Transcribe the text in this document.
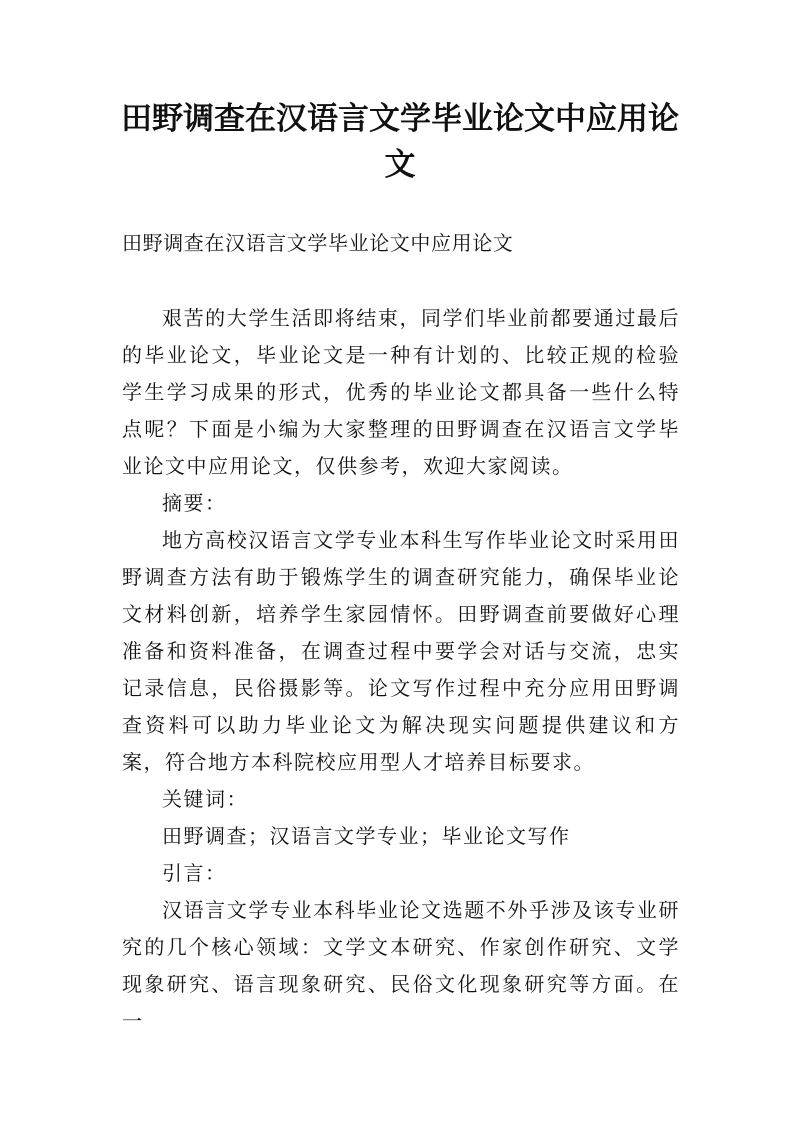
田野调查在汉语言文学毕业论文中应用论文
田野调查在汉语言文学毕业论文中应用论文

艰苦的大学生活即将结束，同学们毕业前都要通过最后的毕业论文，毕业论文是一种有计划的、比较正规的检验学生学习成果的形式，优秀的毕业论文都具备一些什么特点呢？下面是小编为大家整理的田野调查在汉语言文学毕业论文中应用论文，仅供参考，欢迎大家阅读。

摘要：

地方高校汉语言文学专业本科生写作毕业论文时采用田野调查方法有助于锻炼学生的调查研究能力，确保毕业论文材料创新，培养学生家园情怀。田野调查前要做好心理准备和资料准备，在调查过程中要学会对话与交流，忠实记录信息，民俗摄影等。论文写作过程中充分应用田野调查资料可以助力毕业论文为解决现实问题提供建议和方案，符合地方本科院校应用型人才培养目标要求。

关键词：

田野调查；汉语言文学专业；毕业论文写作

引言：

汉语言文学专业本科毕业论文选题不外乎涉及该专业研究的几个核心领域：文学文本研究、作家创作研究、文学现象研究、语言现象研究、民俗文化现象研究等方面。在一
